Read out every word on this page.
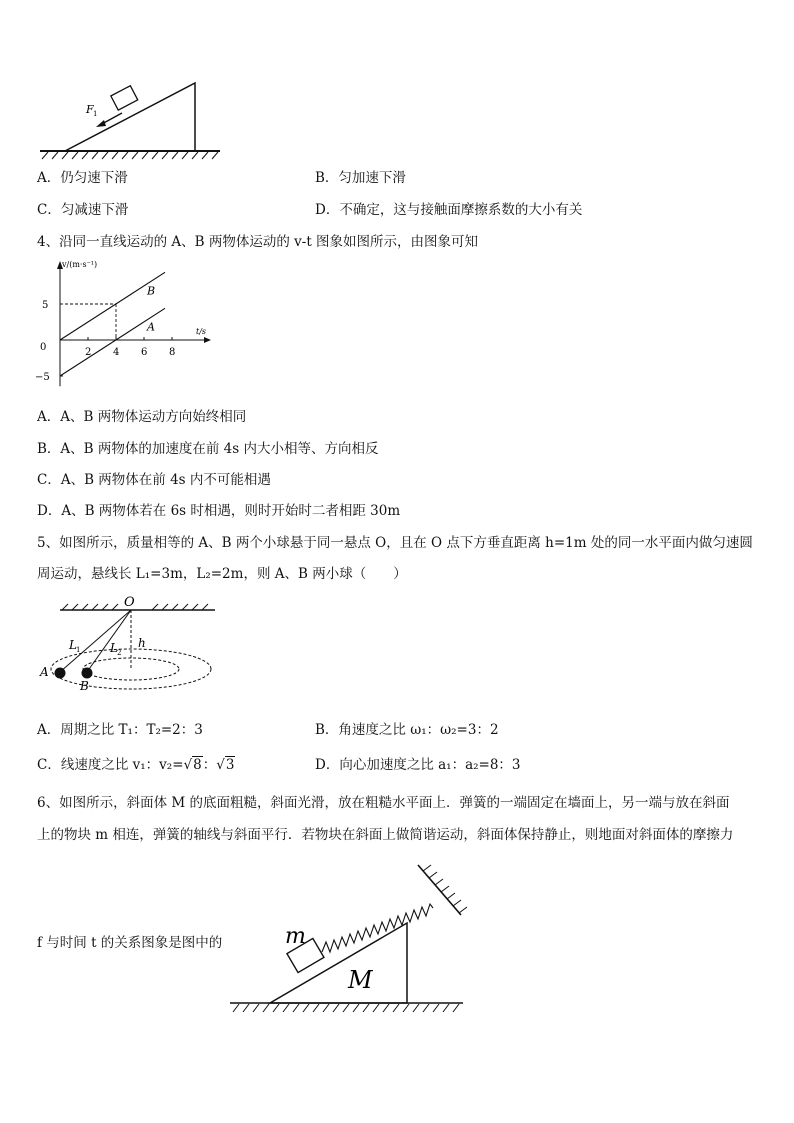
F 1
A．仍匀速下滑	B．匀加速下滑
C．匀减速下滑	D．不确定，这与接触面摩擦系数的大小有关
4、沿同一直线运动的 A、B 两物体运动的 v-t 图象如图所示，由图象可知
v/(m·s⁻¹)
t/s
0	2 4 6 8
5
−5
B
A
A．A、B 两物体运动方向始终相同
B．A、B 两物体的加速度在前 4s 内大小相等、方向相反
C．A、B 两物体在前 4s 内不可能相遇
D．A、B 两物体若在 6s 时相遇，则时开始时二者相距 30m
5、如图所示，质量相等的 A、B 两个小球悬于同一悬点 O，且在 O 点下方垂直距离 h=1m 处的同一水平面内做匀速圆
周运动，悬线长 L₁=3m，L₂=2m，则 A、B 两小球（　　）
O
L 1 L 2
h
A
B
A．周期之比 T₁：T₂=2：3	B．角速度之比 ω₁：ω₂=3：2
C．线速度之比 v₁：v₂=√8：√3	D．向心加速度之比 a₁：a₂=8：3
6、如图所示，斜面体 M 的底面粗糙，斜面光滑，放在粗糙水平面上．弹簧的一端固定在墙面上，另一端与放在斜面
上的物块 m 相连，弹簧的轴线与斜面平行．若物块在斜面上做简谐运动，斜面体保持静止，则地面对斜面体的摩擦力
f 与时间 t 的关系图象是图中的	m
M
